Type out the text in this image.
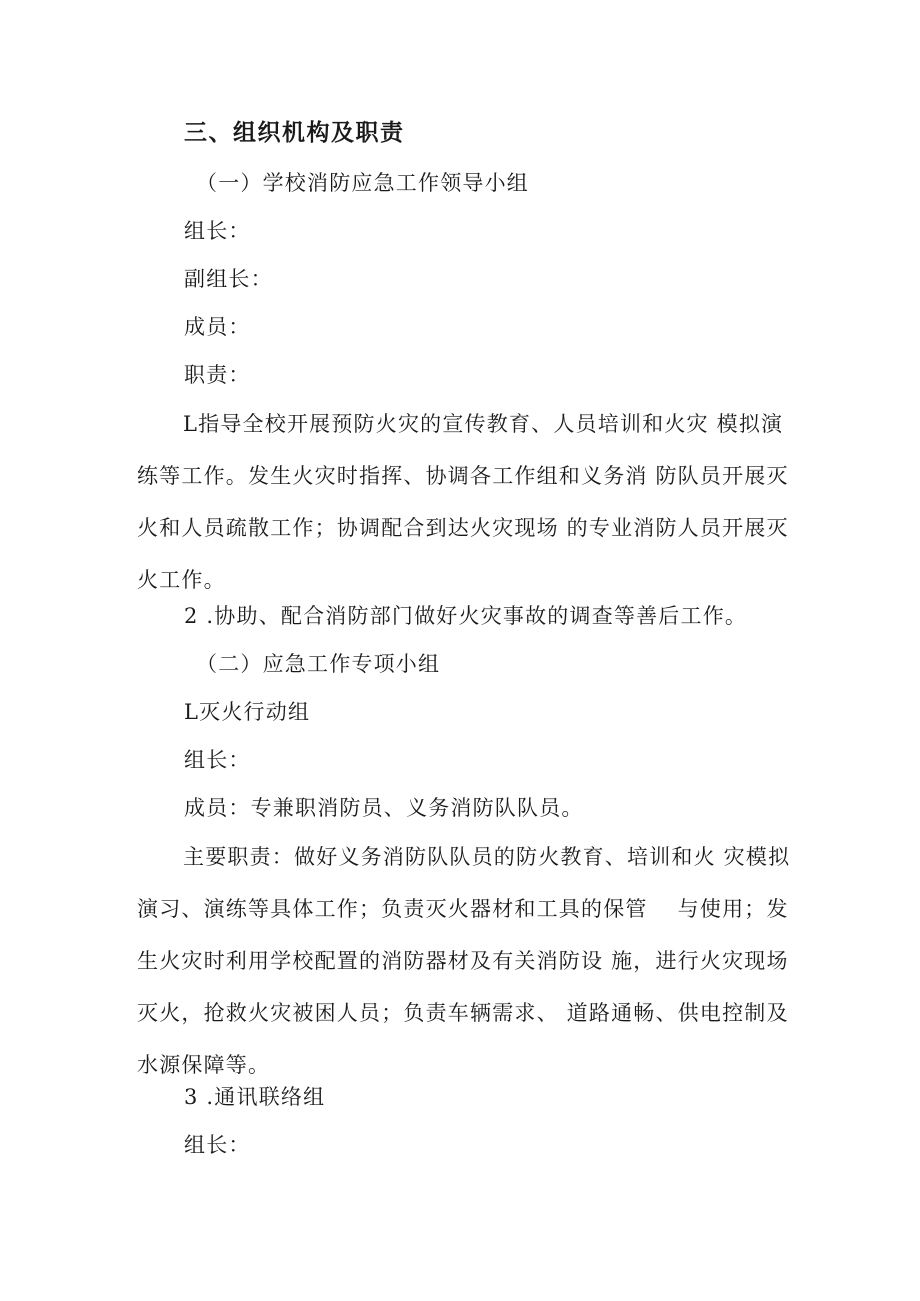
三、组织机构及职责
（一）学校消防应急工作领导小组
组长：
副组长：
成员：
职责：
L指导全校开展预防火灾的宣传教育、人员培训和火灾 模拟演练等工作。发生火灾时指挥、协调各工作组和义务消 防队员开展灭火和人员疏散工作；协调配合到达火灾现场 的专业消防人员开展灭火工作。
2 .协助、配合消防部门做好火灾事故的调查等善后工作。
（二）应急工作专项小组
L灭火行动组
组长：
成员：专兼职消防员、义务消防队队员。
主要职责：做好义务消防队队员的防火教育、培训和火 灾模拟演习、演练等具体工作；负责灭火器材和工具的保管　 与使用；发生火灾时利用学校配置的消防器材及有关消防设 施，进行火灾现场灭火，抢救火灾被困人员；负责车辆需求、 道路通畅、供电控制及水源保障等。
3 .通讯联络组
组长：
